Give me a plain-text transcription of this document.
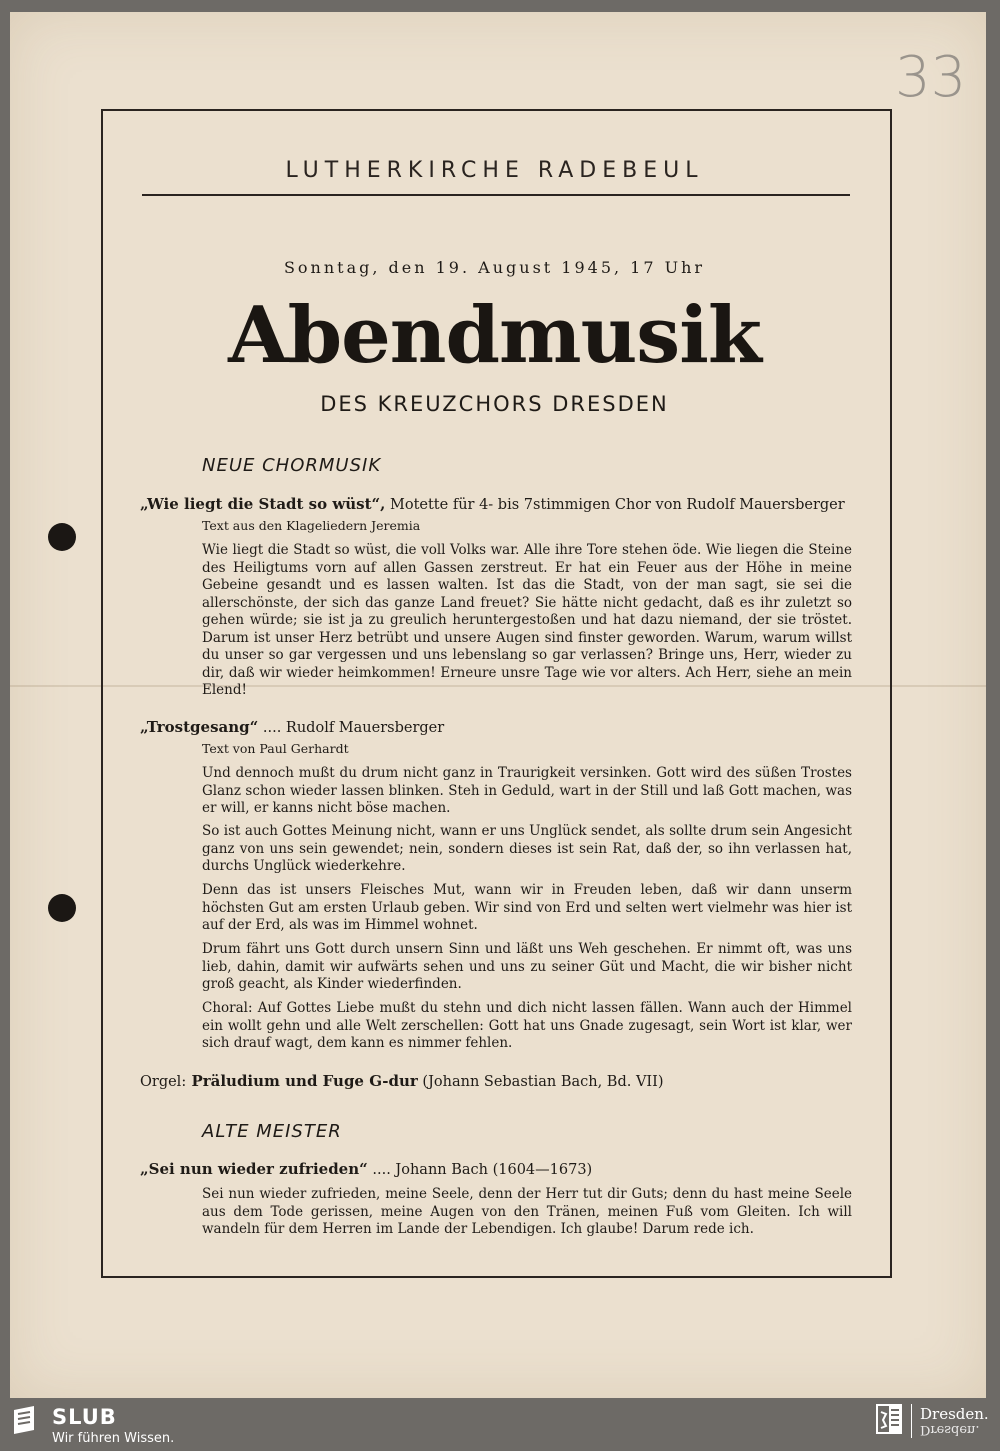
33
LUTHERKIRCHE RADEBEUL
Sonntag, den 19. August 1945, 17 Uhr
Abendmusik
DES KREUZCHORS DRESDEN
NEUE CHORMUSIK
„Wie liegt die Stadt so wüst“, Motette für 4- bis 7stimmigen Chor von Rudolf Mauersberger
Text aus den Klageliedern Jeremia
Wie liegt die Stadt so wüst, die voll Volks war. Alle ihre Tore stehen öde. Wie liegen die Steine des Heiligtums vorn auf allen Gassen zerstreut. Er hat ein Feuer aus der Höhe in meine Gebeine gesandt und es lassen walten. Ist das die Stadt, von der man sagt, sie sei die allerschönste, der sich das ganze Land freuet? Sie hätte nicht gedacht, daß es ihr zuletzt so gehen würde; sie ist ja zu greulich heruntergestoßen und hat dazu niemand, der sie tröstet. Darum ist unser Herz betrübt und unsere Augen sind finster geworden. Warum, warum willst du unser so gar vergessen und uns lebenslang so gar verlassen? Bringe uns, Herr, wieder zu dir, daß wir wieder heimkommen! Erneure unsre Tage wie vor alters. Ach Herr, siehe an mein Elend!
„Trostgesang“ .... Rudolf Mauersberger
Text von Paul Gerhardt
Und dennoch mußt du drum nicht ganz in Traurigkeit versinken. Gott wird des süßen Trostes Glanz schon wieder lassen blinken. Steh in Geduld, wart in der Still und laß Gott machen, was er will, er kanns nicht böse machen.
So ist auch Gottes Meinung nicht, wann er uns Unglück sendet, als sollte drum sein Angesicht ganz von uns sein gewendet; nein, sondern dieses ist sein Rat, daß der, so ihn verlassen hat, durchs Unglück wiederkehre.
Denn das ist unsers Fleisches Mut, wann wir in Freuden leben, daß wir dann unserm höchsten Gut am ersten Urlaub geben. Wir sind von Erd und selten wert vielmehr was hier ist auf der Erd, als was im Himmel wohnet.
Drum fährt uns Gott durch unsern Sinn und läßt uns Weh geschehen. Er nimmt oft, was uns lieb, dahin, damit wir aufwärts sehen und uns zu seiner Güt und Macht, die wir bisher nicht groß geacht, als Kinder wiederfinden.
Choral: Auf Gottes Liebe mußt du stehn und dich nicht lassen fällen. Wann auch der Himmel ein wollt gehn und alle Welt zerschellen: Gott hat uns Gnade zugesagt, sein Wort ist klar, wer sich drauf wagt, dem kann es nimmer fehlen.
Orgel: Präludium und Fuge G-dur (Johann Sebastian Bach, Bd. VII)
ALTE MEISTER
„Sei nun wieder zufrieden“ .... Johann Bach (1604—1673)
Sei nun wieder zufrieden, meine Seele, denn der Herr tut dir Guts; denn du hast meine Seele aus dem Tode gerissen, meine Augen von den Tränen, meinen Fuß vom Gleiten. Ich will wandeln für dem Herren im Lande der Lebendigen. Ich glaube! Darum rede ich.
SLUB
Wir führen Wissen.
Dresden.
Dresden.
